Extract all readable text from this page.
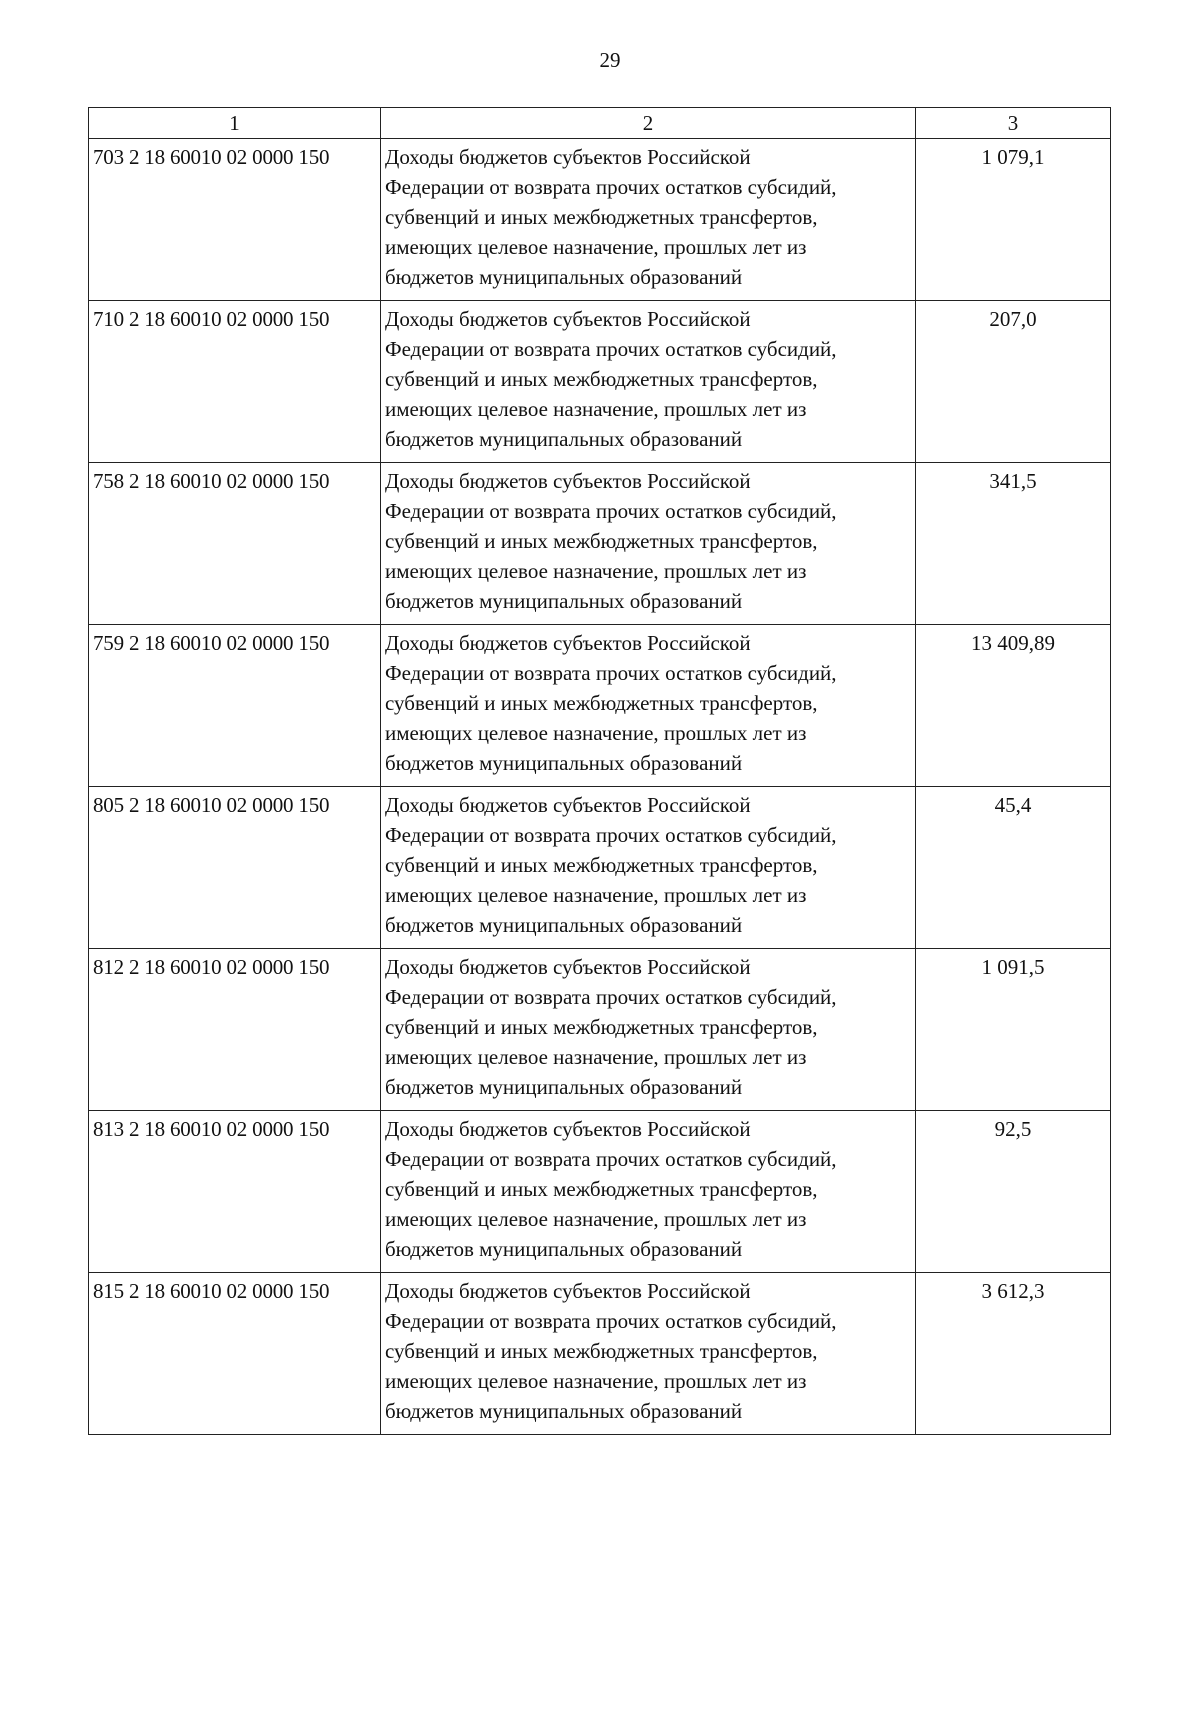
29
1	2	3
703 2 18 60010 02 0000 150	Доходы бюджетов субъектов Российской
Федерации от возврата прочих остатков субсидий,
субвенций и иных межбюджетных трансфертов,
имеющих целевое назначение, прошлых лет из
бюджетов муниципальных образований	1 079,1
710 2 18 60010 02 0000 150	Доходы бюджетов субъектов Российской
Федерации от возврата прочих остатков субсидий,
субвенций и иных межбюджетных трансфертов,
имеющих целевое назначение, прошлых лет из
бюджетов муниципальных образований	207,0
758 2 18 60010 02 0000 150	Доходы бюджетов субъектов Российской
Федерации от возврата прочих остатков субсидий,
субвенций и иных межбюджетных трансфертов,
имеющих целевое назначение, прошлых лет из
бюджетов муниципальных образований	341,5
759 2 18 60010 02 0000 150	Доходы бюджетов субъектов Российской
Федерации от возврата прочих остатков субсидий,
субвенций и иных межбюджетных трансфертов,
имеющих целевое назначение, прошлых лет из
бюджетов муниципальных образований	13 409,89
805 2 18 60010 02 0000 150	Доходы бюджетов субъектов Российской
Федерации от возврата прочих остатков субсидий,
субвенций и иных межбюджетных трансфертов,
имеющих целевое назначение, прошлых лет из
бюджетов муниципальных образований	45,4
812 2 18 60010 02 0000 150	Доходы бюджетов субъектов Российской
Федерации от возврата прочих остатков субсидий,
субвенций и иных межбюджетных трансфертов,
имеющих целевое назначение, прошлых лет из
бюджетов муниципальных образований	1 091,5
813 2 18 60010 02 0000 150	Доходы бюджетов субъектов Российской
Федерации от возврата прочих остатков субсидий,
субвенций и иных межбюджетных трансфертов,
имеющих целевое назначение, прошлых лет из
бюджетов муниципальных образований	92,5
815 2 18 60010 02 0000 150	Доходы бюджетов субъектов Российской
Федерации от возврата прочих остатков субсидий,
субвенций и иных межбюджетных трансфертов,
имеющих целевое назначение, прошлых лет из
бюджетов муниципальных образований	3 612,3
